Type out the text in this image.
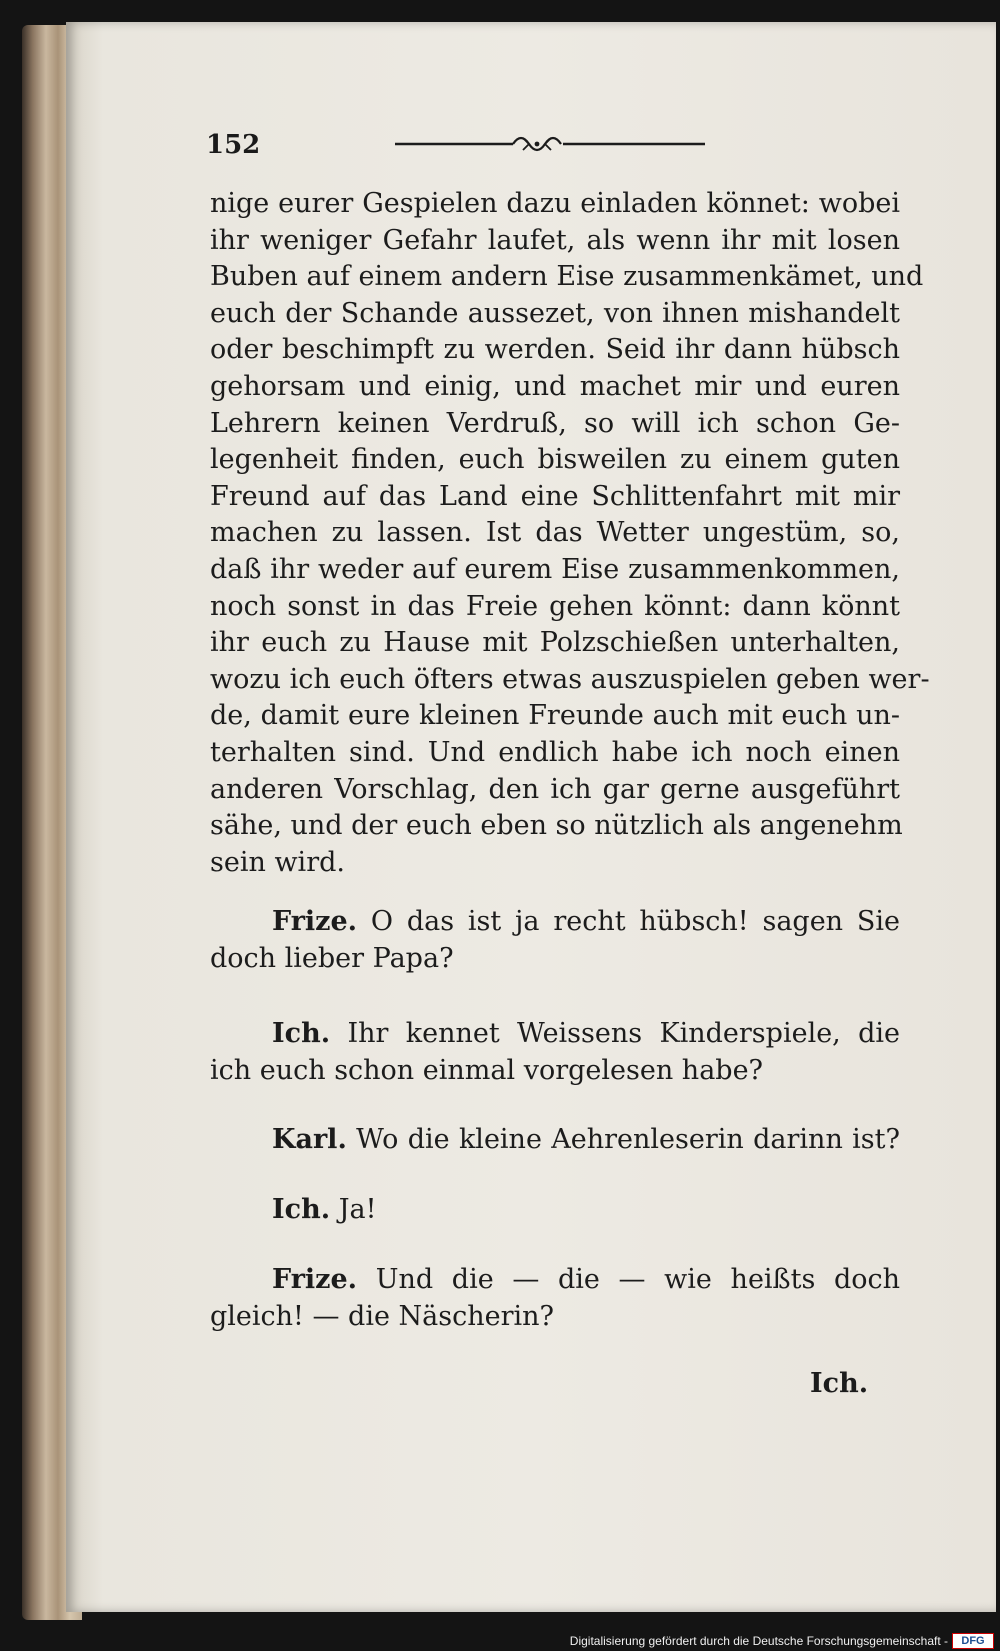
152
nige eurer Gespielen dazu einladen könnet: wobei
ihr weniger Gefahr laufet, als wenn ihr mit losen
Buben auf einem andern Eise zusammenkämet, und
euch der Schande aussezet, von ihnen mishandelt
oder beschimpft zu werden. Seid ihr dann hübsch
gehorsam und einig, und machet mir und euren
Lehrern keinen Verdruß, so will ich schon Ge-
legenheit finden, euch bisweilen zu einem guten
Freund auf das Land eine Schlittenfahrt mit mir
machen zu lassen. Ist das Wetter ungestüm, so,
daß ihr weder auf eurem Eise zusammenkommen,
noch sonst in das Freie gehen könnt: dann könnt
ihr euch zu Hause mit Polzschießen unterhalten,
wozu ich euch öfters etwas auszuspielen geben wer-
de, damit eure kleinen Freunde auch mit euch un-
terhalten sind. Und endlich habe ich noch einen
anderen Vorschlag, den ich gar gerne ausgeführt
sähe, und der euch eben so nützlich als angenehm
sein wird.
Frize. O das ist ja recht hübsch! sagen Sie
doch lieber Papa?
Ich. Ihr kennet Weissens Kinderspiele, die
ich euch schon einmal vorgelesen habe?
Karl. Wo die kleine Aehrenleserin darinn ist?
Ich. Ja!
Frize. Und die — die — wie heißts doch
gleich! — die Näscherin?
Ich.
Digitalisierung gefördert durch die Deutsche Forschungsgemeinschaft -	DFG
